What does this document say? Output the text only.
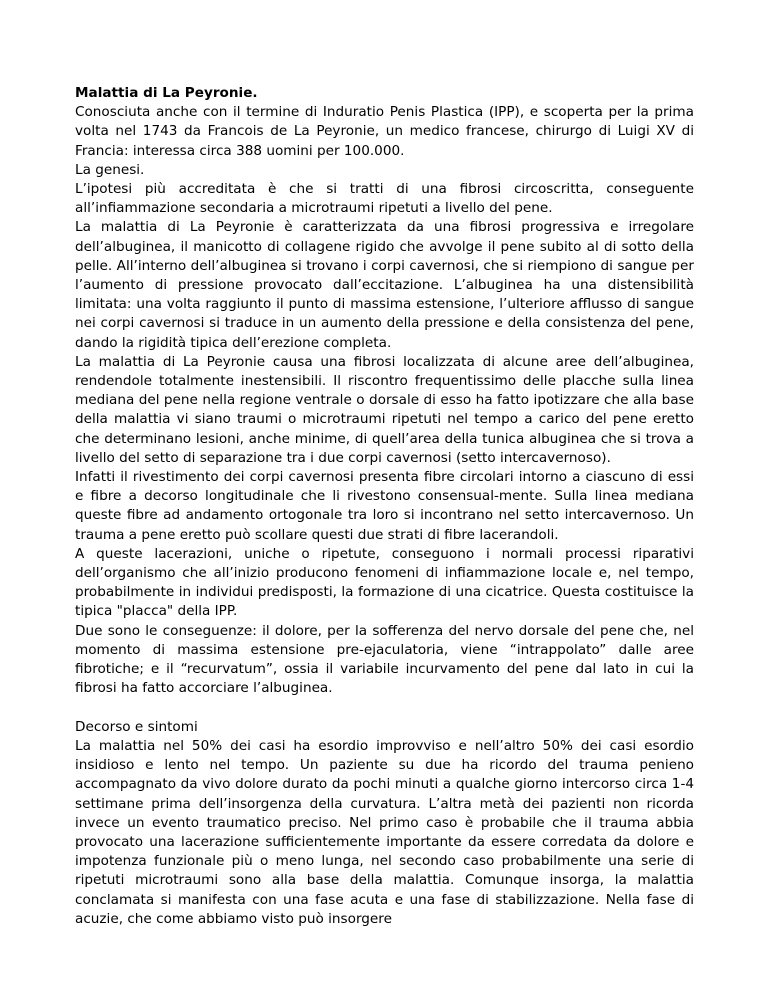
Malattia di La Peyronie.

Conosciuta anche con il termine di Induratio Penis Plastica (IPP), e scoperta per la prima volta nel 1743 da Francois de La Peyronie, un medico francese, chirurgo di Luigi XV di Francia: interessa circa 388 uomini per 100.000.

La genesi.

L’ipotesi più accreditata è che si tratti di una fibrosi circoscritta, conseguente all’infiammazione secondaria a microtraumi ripetuti a livello del pene.

La malattia di La Peyronie è caratterizzata da una fibrosi progressiva e irregolare dell’albuginea, il manicotto di collagene rigido che avvolge il pene subito al di sotto della pelle. All’interno dell’albuginea si trovano i corpi cavernosi, che si riempiono di sangue per l’aumento di pressione provocato dall’eccitazione. L’albuginea ha una distensibilità limitata: una volta raggiunto il punto di massima estensione, l’ulteriore afflusso di sangue nei corpi cavernosi si traduce in un aumento della pressione e della consistenza del pene, dando la rigidità tipica dell’erezione completa.

La malattia di La Peyronie causa una fibrosi localizzata di alcune aree dell’albuginea, rendendole totalmente inestensibili. Il riscontro frequentissimo delle placche sulla linea mediana del pene nella regione ventrale o dorsale di esso ha fatto ipotizzare che alla base della malattia vi siano traumi o microtraumi ripetuti nel tempo a carico del pene eretto che determinano lesioni, anche minime, di quell’area della tunica albuginea che si trova a livello del setto di separazione tra i due corpi cavernosi (setto intercavernoso).

Infatti il rivestimento dei corpi cavernosi presenta fibre circolari intorno a ciascuno di essi e fibre a decorso longitudinale che li rivestono consensual-mente. Sulla linea mediana queste fibre ad andamento ortogonale tra loro si incontrano nel setto intercavernoso. Un trauma a pene eretto può scollare questi due strati di fibre lacerandoli.

A queste lacerazioni, uniche o ripetute, conseguono i normali processi riparativi dell’organismo che all’inizio producono fenomeni di infiammazione locale e, nel tempo, probabilmente in individui predisposti, la formazione di una cicatrice. Questa costituisce la tipica "placca" della IPP.

Due sono le conseguenze: il dolore, per la sofferenza del nervo dorsale del pene che, nel momento di massima estensione pre-ejaculatoria, viene “intrappolato” dalle aree fibrotiche; e il “recurvatum”, ossia il variabile incurvamento del pene dal lato in cui la fibrosi ha fatto accorciare l’albuginea.

Decorso e sintomi

La malattia nel 50% dei casi ha esordio improvviso e nell’altro 50% dei casi esordio insidioso e lento nel tempo. Un paziente su due ha ricordo del trauma penieno accompagnato da vivo dolore durato da pochi minuti a qualche giorno intercorso circa 1-4 settimane prima dell’insorgenza della curvatura. L’altra metà dei pazienti non ricorda invece un evento traumatico preciso. Nel primo caso è probabile che il trauma abbia provocato una lacerazione sufficientemente importante da essere corredata da dolore e impotenza funzionale più o meno lunga, nel secondo caso probabilmente una serie di ripetuti microtraumi sono alla base della malattia. Comunque insorga, la malattia conclamata si manifesta con una fase acuta e una fase di stabilizzazione. Nella fase di acuzie, che come abbiamo visto può insorgere
